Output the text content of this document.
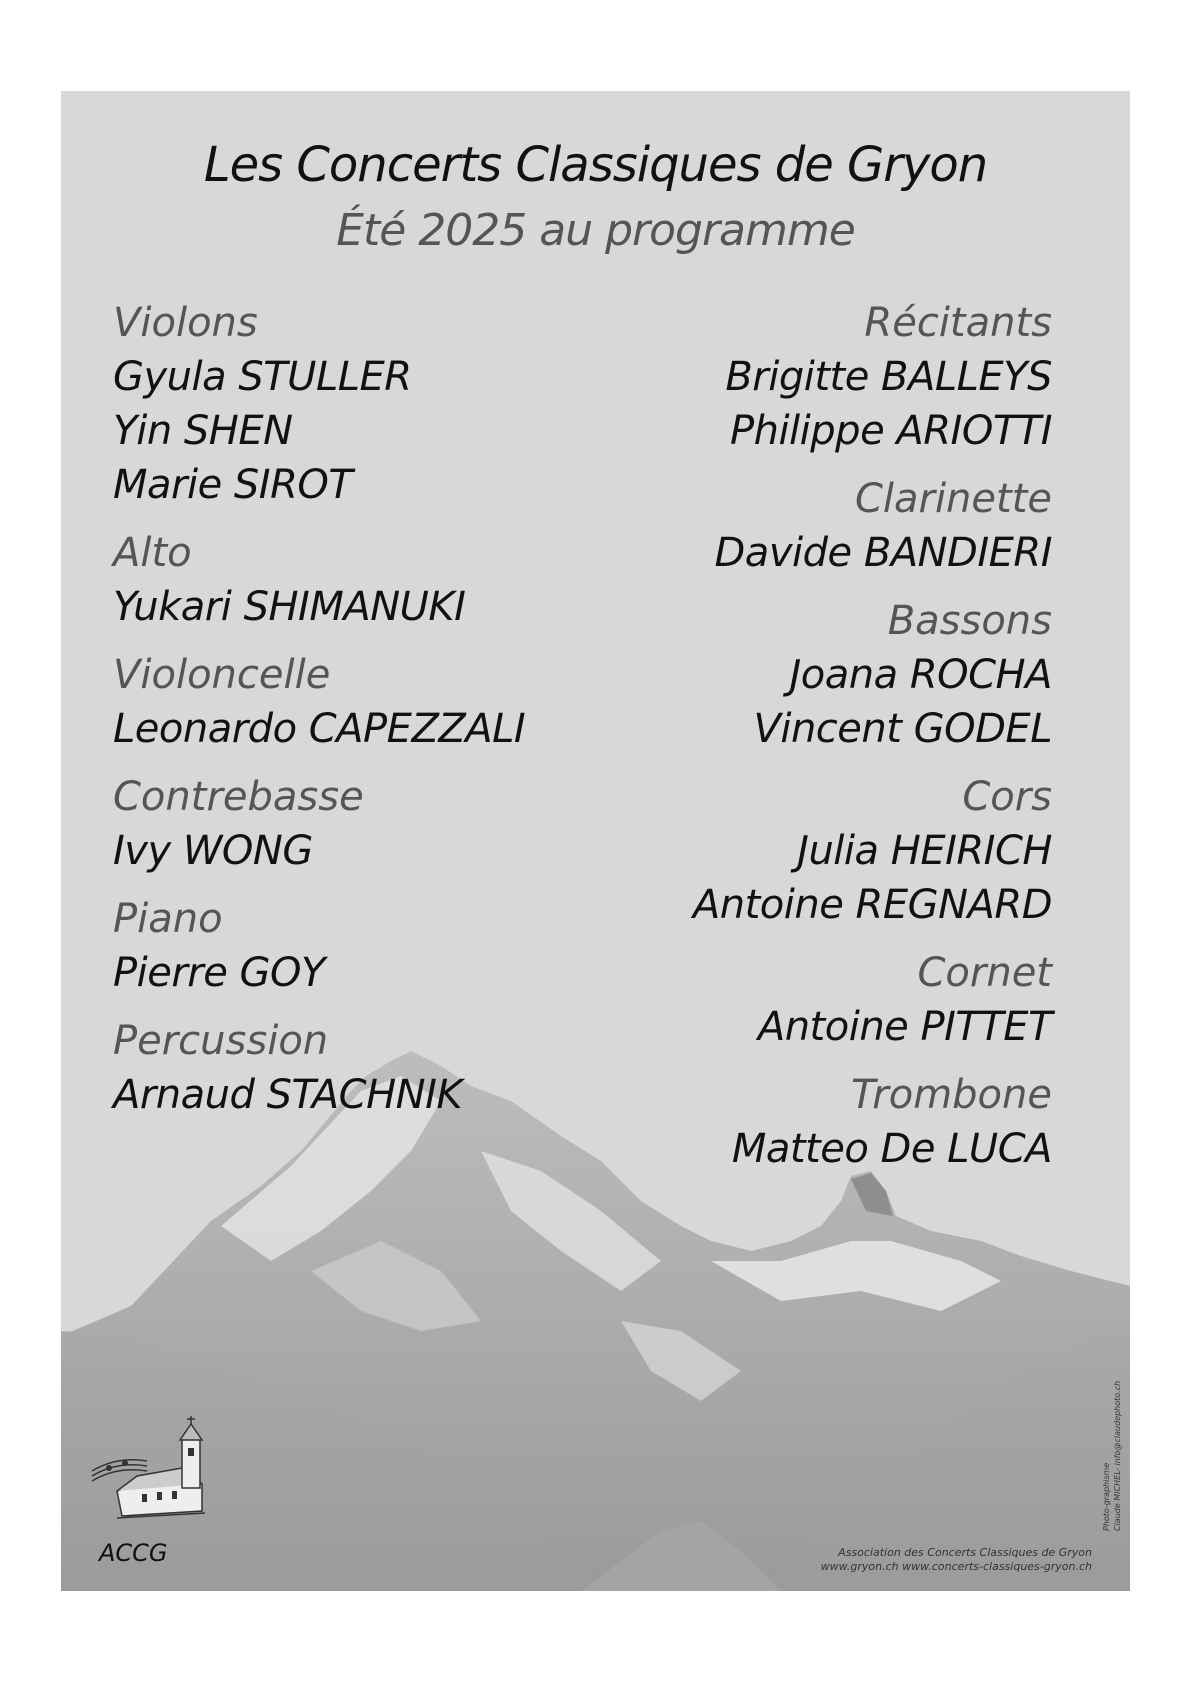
Les Concerts Classiques de Gryon
Été 2025 au programme
Violons
Gyula STULLER
Yin SHEN
Marie SIROT
Alto
Yukari SHIMANUKI
Violoncelle
Leonardo CAPEZZALI
Contrebasse
Ivy WONG
Piano
Pierre GOY
Percussion
Arnaud STACHNIK
Récitants
Brigitte BALLEYS
Philippe ARIOTTI
Clarinette
Davide BANDIERI
Bassons
Joana ROCHA
Vincent GODEL
Cors
Julia HEIRICH
Antoine REGNARD
Cornet
Antoine PITTET
Trombone
Matteo De LUCA
ACCG	Association des Concerts Classiques de Gryon
www.gryon.ch www.concerts-classiques-gryon.ch
Photo-graphisme Claude MICHEL- info@claudephoto.ch
